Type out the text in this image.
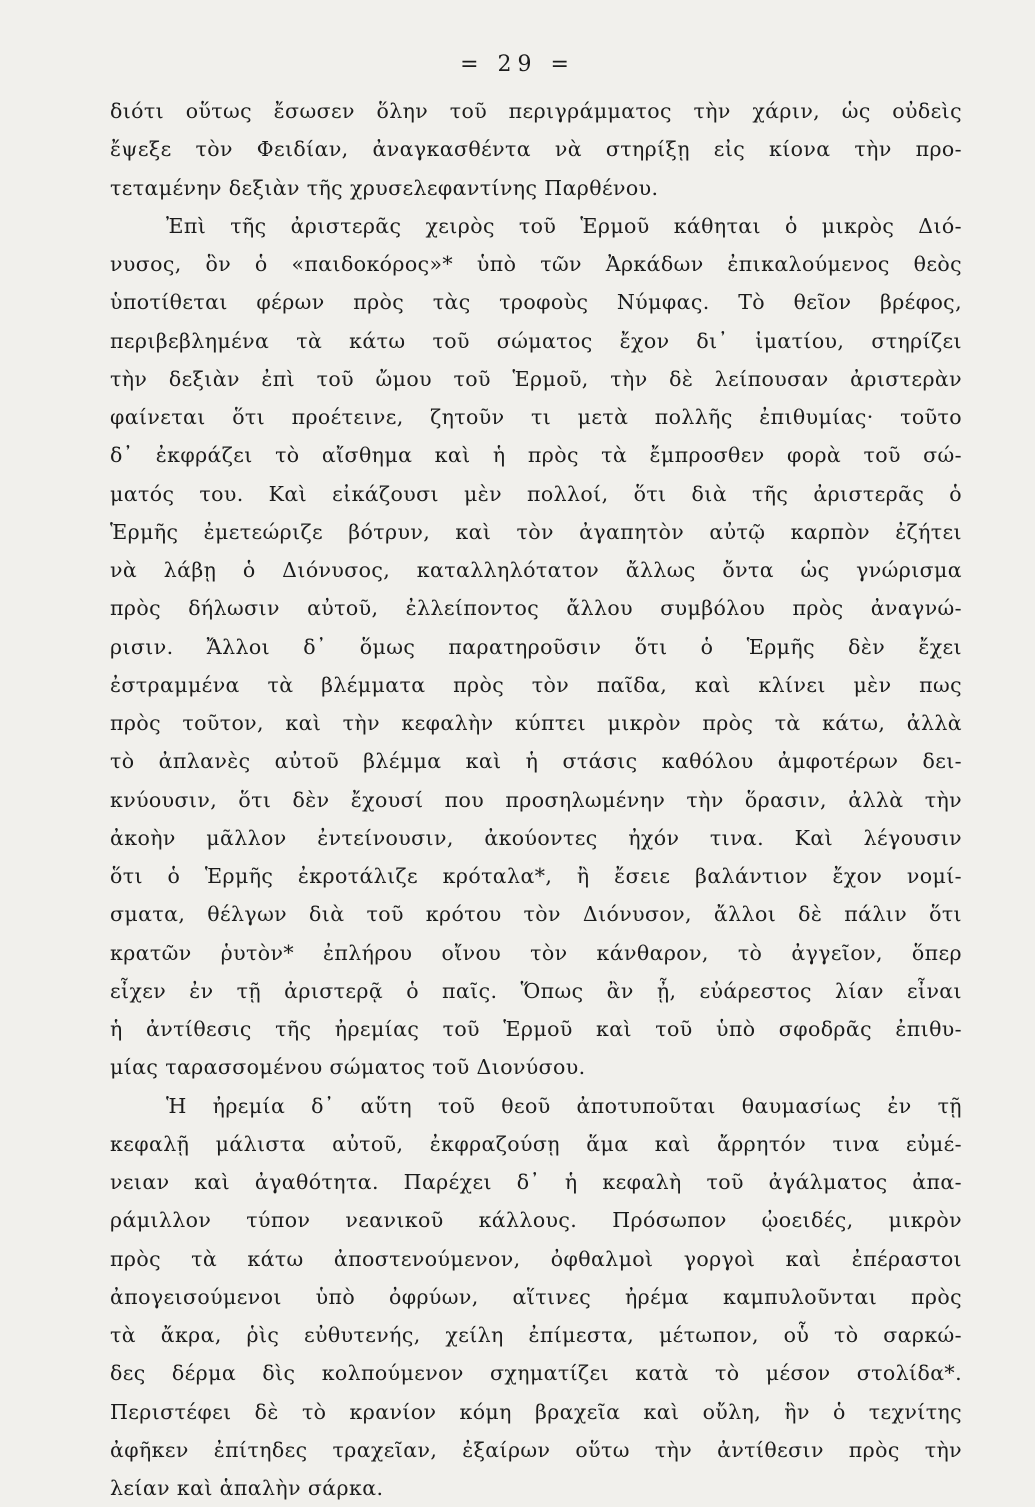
= 29 =
διότι οὕτως ἔσωσεν ὅλην τοῦ περιγράμματος τὴν χάριν, ὡς οὐδεὶς
ἔψεξε τὸν Φειδίαν, ἀναγκασθέντα νὰ στηρίξῃ εἰς κίονα τὴν προ-
τεταμένην δεξιὰν τῆς χρυσελεφαντίνης Παρθένου.
Ἐπὶ τῆς ἀριστερᾶς χειρὸς τοῦ Ἑρμοῦ κάθηται ὁ μικρὸς Διό-
νυσος, ὃν ὁ «παιδοκόρος»* ὑπὸ τῶν Ἀρκάδων ἐπικαλούμενος θεὸς
ὑποτίθεται φέρων πρὸς τὰς τροφοὺς Νύμφας. Τὸ θεῖον βρέφος,
περιβεβλημένα τὰ κάτω τοῦ σώματος ἔχον δι᾽ ἱματίου, στηρίζει
τὴν δεξιὰν ἐπὶ τοῦ ὤμου τοῦ Ἑρμοῦ, τὴν δὲ λείπουσαν ἀριστερὰν
φαίνεται ὅτι προέτεινε, ζητοῦν τι μετὰ πολλῆς ἐπιθυμίας· τοῦτο
δ᾽ ἐκφράζει τὸ αἴσθημα καὶ ἡ πρὸς τὰ ἔμπροσθεν φορὰ τοῦ σώ-
ματός του. Καὶ εἰκάζουσι μὲν πολλοί, ὅτι διὰ τῆς ἀριστερᾶς ὁ
Ἑρμῆς ἐμετεώριζε βότρυν, καὶ τὸν ἀγαπητὸν αὐτῷ καρπὸν ἐζήτει
νὰ λάβῃ ὁ Διόνυσος, καταλληλότατον ἄλλως ὄντα ὡς γνώρισμα
πρὸς δήλωσιν αὐτοῦ, ἐλλείποντος ἄλλου συμβόλου πρὸς ἀναγνώ-
ρισιν. Ἄλλοι δ᾽ ὅμως παρατηροῦσιν ὅτι ὁ Ἑρμῆς δὲν ἔχει
ἐστραμμένα τὰ βλέμματα πρὸς τὸν παῖδα, καὶ κλίνει μὲν πως
πρὸς τοῦτον, καὶ τὴν κεφαλὴν κύπτει μικρὸν πρὸς τὰ κάτω, ἀλλὰ
τὸ ἀπλανὲς αὐτοῦ βλέμμα καὶ ἡ στάσις καθόλου ἀμφοτέρων δει-
κνύουσιν, ὅτι δὲν ἔχουσί που προσηλωμένην τὴν ὅρασιν, ἀλλὰ τὴν
ἀκοὴν μᾶλλον ἐντείνουσιν, ἀκούοντες ἠχόν τινα. Καὶ λέγουσιν
ὅτι ὁ Ἑρμῆς ἐκροτάλιζε κρόταλα*, ἢ ἔσειε βαλάντιον ἔχον νομί-
σματα, θέλγων διὰ τοῦ κρότου τὸν Διόνυσον, ἄλλοι δὲ πάλιν ὅτι
κρατῶν ῥυτὸν* ἐπλήρου οἴνου τὸν κάνθαρον, τὸ ἀγγεῖον, ὅπερ
εἶχεν ἐν τῇ ἀριστερᾷ ὁ παῖς. Ὅπως ἂν ᾖ, εὐάρεστος λίαν εἶναι
ἡ ἀντίθεσις τῆς ἠρεμίας τοῦ Ἑρμοῦ καὶ τοῦ ὑπὸ σφοδρᾶς ἐπιθυ-
μίας ταρασσομένου σώματος τοῦ Διονύσου.
Ἡ ἠρεμία δ᾽ αὕτη τοῦ θεοῦ ἀποτυποῦται θαυμασίως ἐν τῇ
κεφαλῇ μάλιστα αὐτοῦ, ἐκφραζούσῃ ἅμα καὶ ἄρρητόν τινα εὐμέ-
νειαν καὶ ἀγαθότητα. Παρέχει δ᾽ ἡ κεφαλὴ τοῦ ἀγάλματος ἀπα-
ράμιλλον τύπον νεανικοῦ κάλλους. Πρόσωπον ᾠοειδές, μικρὸν
πρὸς τὰ κάτω ἀποστενούμενον, ὀφθαλμοὶ γοργοὶ καὶ ἐπέραστοι
ἀπογεισούμενοι ὑπὸ ὀφρύων, αἵτινες ἠρέμα καμπυλοῦνται πρὸς
τὰ ἄκρα, ῥὶς εὐθυτενής, χείλη ἐπίμεστα, μέτωπον, οὗ τὸ σαρκώ-
δες δέρμα δὶς κολπούμενον σχηματίζει κατὰ τὸ μέσον στολίδα*.
Περιστέφει δὲ τὸ κρανίον κόμη βραχεῖα καὶ οὔλη, ἣν ὁ τεχνίτης
ἀφῆκεν ἐπίτηδες τραχεῖαν, ἐξαίρων οὕτω τὴν ἀντίθεσιν πρὸς τὴν
λείαν καὶ ἁπαλὴν σάρκα.
